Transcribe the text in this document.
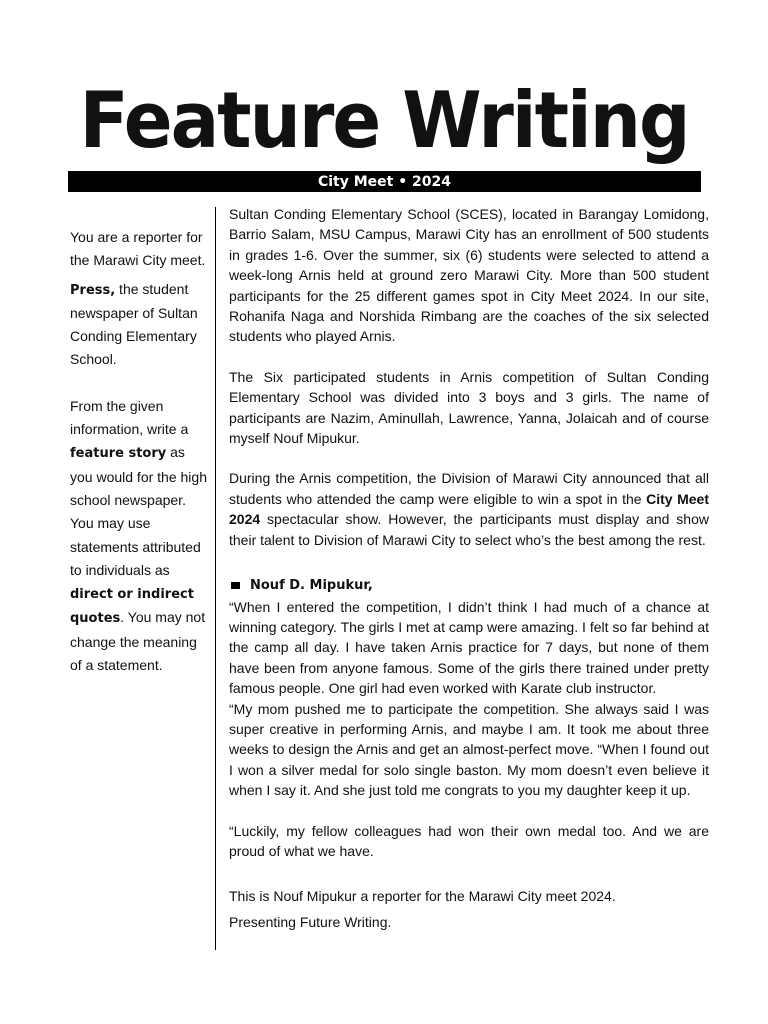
Feature Writing
City Meet • 2024

You are a reporter for the Marawi City meet.

Press, the student newspaper of Sultan Conding Elementary School.

From the given information, write a feature story as you would for the high school newspaper. You may use statements attributed to individuals as direct or indirect quotes. You may not change the meaning of a statement.

Sultan Conding Elementary School (SCES), located in Barangay Lomidong, Barrio Salam, MSU Campus, Marawi City has an enrollment of 500 students in grades 1-6. Over the summer, six (6) students were selected to attend a week-long Arnis held at ground zero Marawi City. More than 500 student participants for the 25 different games spot in City Meet 2024. In our site, Rohanifa Naga and Norshida Rimbang are the coaches of the six selected students who played Arnis.

The Six participated students in Arnis competition of Sultan Conding Elementary School was divided into 3 boys and 3 girls. The name of participants are Nazim, Aminullah, Lawrence, Yanna, Jolaicah and of course myself Nouf Mipukur.

During the Arnis competition, the Division of Marawi City announced that all students who attended the camp were eligible to win a spot in the City Meet 2024 spectacular show. However, the participants must display and show their talent to Division of Marawi City to select who’s the best among the rest.

Nouf D. Mipukur,

“When I entered the competition, I didn’t think I had much of a chance at winning category. The girls I met at camp were amazing. I felt so far behind at the camp all day. I have taken Arnis practice for 7 days, but none of them have been from anyone famous. Some of the girls there trained under pretty famous people. One girl had even worked with Karate club instructor.

“My mom pushed me to participate the competition. She always said I was super creative in performing Arnis, and maybe I am. It took me about three weeks to design the Arnis and get an almost-perfect move. “When I found out I won a silver medal for solo single baston. My mom doesn’t even believe it when I say it. And she just told me congrats to you my daughter keep it up.

“Luckily, my fellow colleagues had won their own medal too. And we are proud of what we have.

This is Nouf Mipukur a reporter for the Marawi City meet 2024.

Presenting Future Writing.
